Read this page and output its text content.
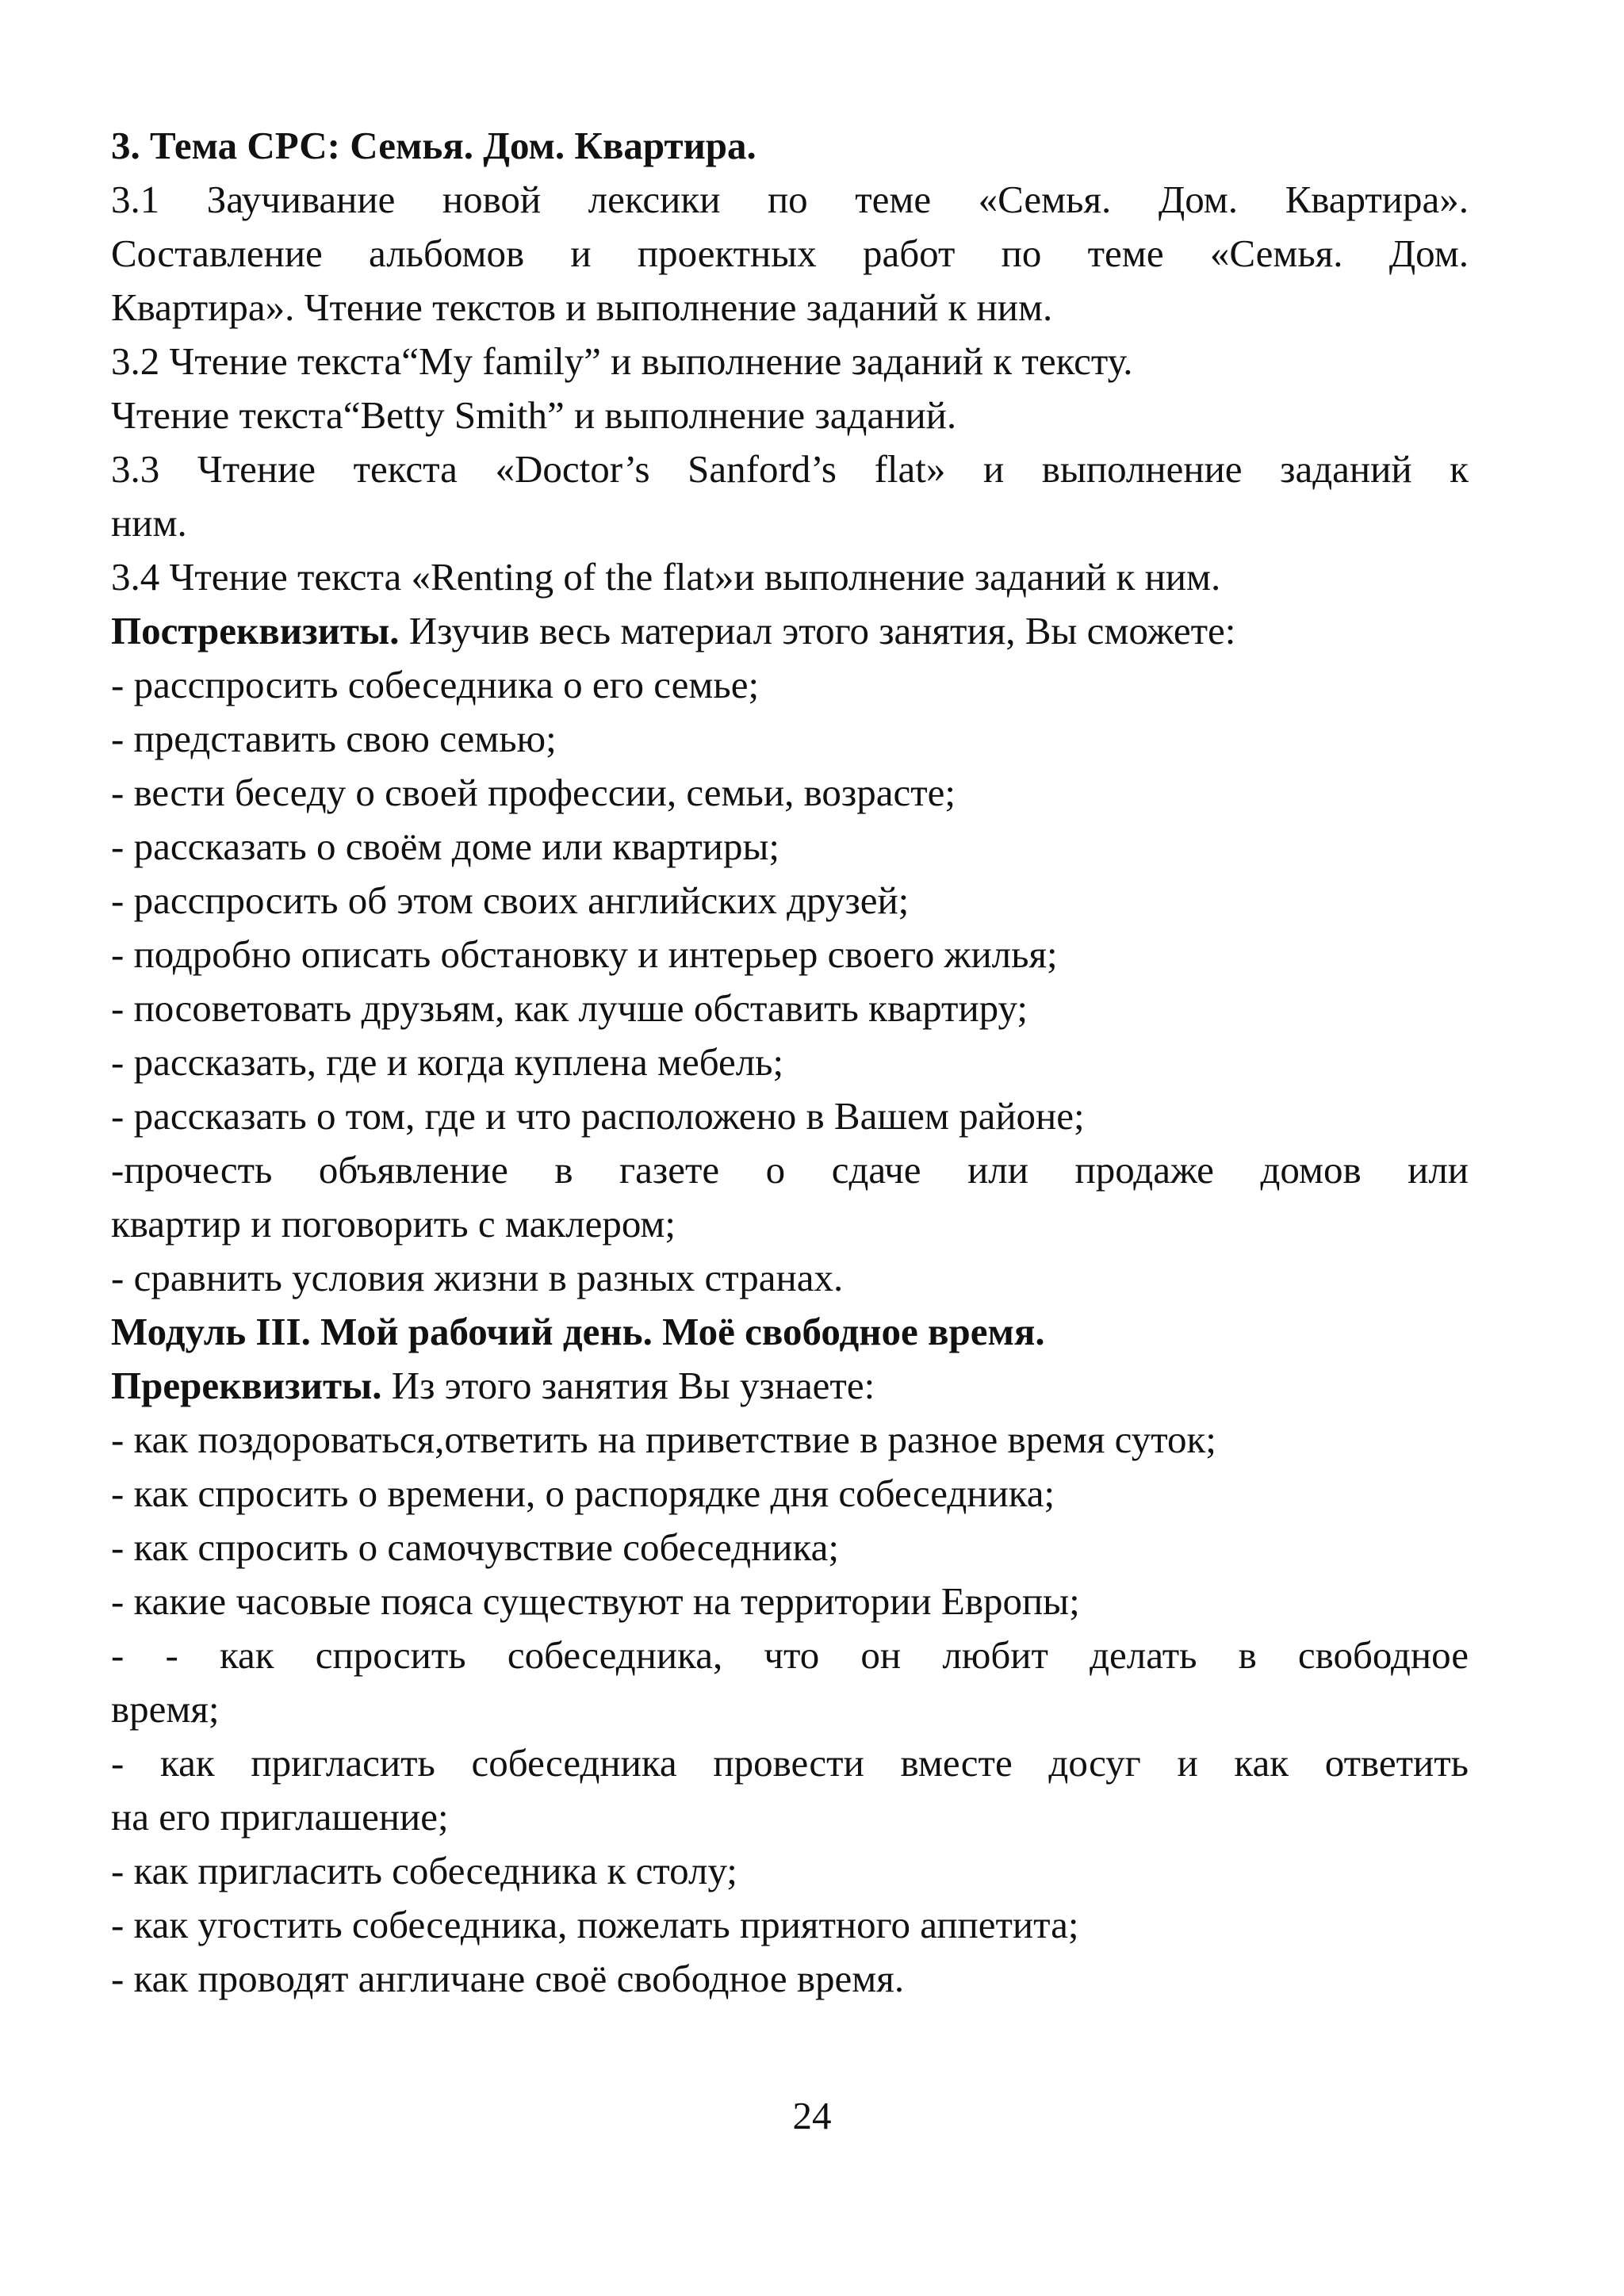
3. Тема СРС: Семья. Дом. Квартира.

3.1 Заучивание новой лексики по теме «Семья. Дом. Квартира».

Составление альбомов и проектных работ по теме «Семья. Дом.

Квартира». Чтение текстов и выполнение заданий к ним.

3.2 Чтение текста“My family” и выполнение заданий к тексту.

Чтение текста“Betty Smith” и выполнение заданий.

3.3 Чтение текста «Doctor’s Sanford’s flat» и выполнение заданий к

ним.

3.4 Чтение текста «Renting of the flat»и выполнение заданий к ним.

Постреквизиты. Изучив весь материал этого занятия, Вы сможете:

- расспросить собеседника о его семье;

- представить свою семью;

- вести беседу о своей профессии, семьи, возрасте;

- рассказать о своём доме или квартиры;

- расспросить об этом своих английских друзей;

- подробно описать обстановку и интерьер своего жилья;

- посоветовать друзьям, как лучше обставить квартиру;

- рассказать, где и когда куплена мебель;

- рассказать о том, где и что расположено в Вашем районе;

-прочесть объявление в газете о сдаче или продаже домов или

квартир и поговорить с маклером;

- сравнить условия жизни в разных странах.

Модуль III. Мой рабочий день. Моё свободное время.

Пререквизиты. Из этого занятия Вы узнаете:

- как поздороваться,ответить на приветствие в разное время суток;

- как спросить о времени, о распорядке дня собеседника;

- как спросить о самочувствие собеседника;

- какие часовые пояса существуют на территории Европы;

- - как спросить собеседника, что он любит делать в свободное

время;

- как пригласить собеседника провести вместе досуг и как ответить

на его приглашение;

- как пригласить собеседника к столу;

- как угостить собеседника, пожелать приятного аппетита;

- как проводят англичане своё свободное время.

24
